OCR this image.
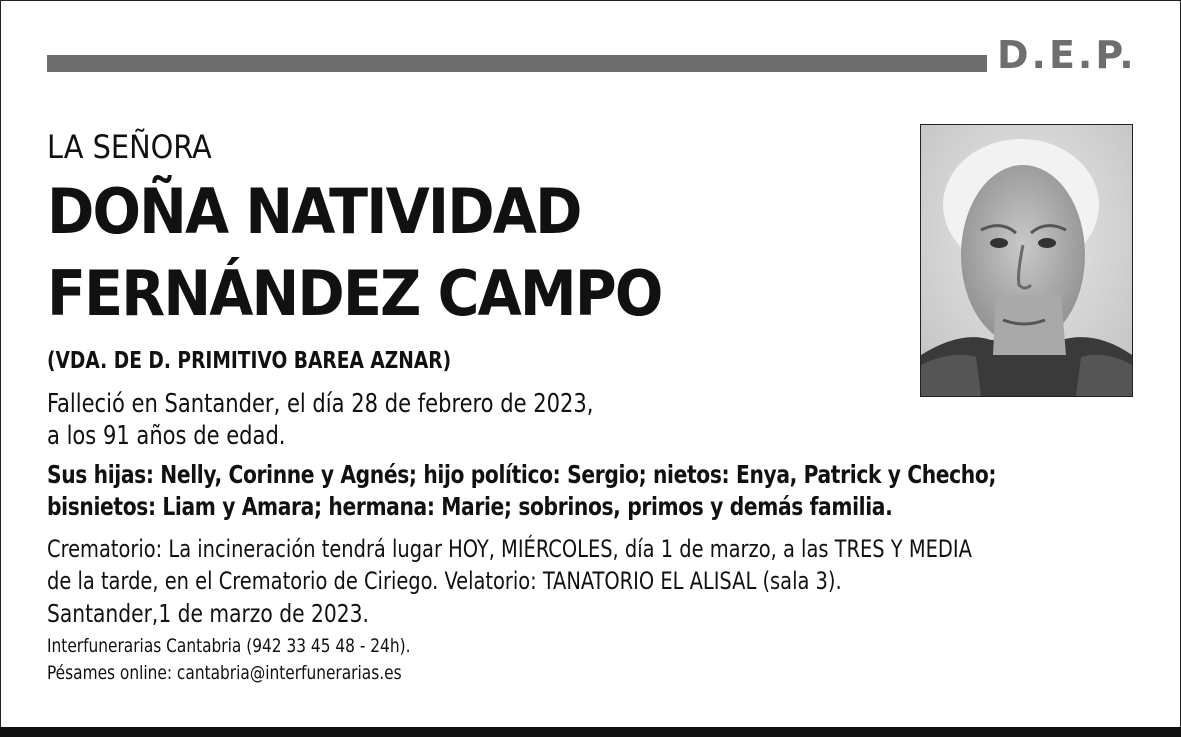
D.E.P.

LA SEÑORA

DOÑA NATIVIDAD

FERNÁNDEZ CAMPO

(VDA. DE D. PRIMITIVO BAREA AZNAR)

Falleció en Santander, el día 28 de febrero de 2023,

a los 91 años de edad.

Sus hijas: Nelly, Corinne y Agnés; hijo político: Sergio; nietos: Enya, Patrick y Checho;

bisnietos: Liam y Amara; hermana: Marie; sobrinos, primos y demás familia.

Crematorio: La incineración tendrá lugar HOY, MIÉRCOLES, día 1 de marzo, a las TRES Y MEDIA

de la tarde, en el Crematorio de Ciriego. Velatorio: TANATORIO EL ALISAL (sala 3).

Santander,1 de marzo de 2023.

Interfunerarias Cantabria (942 33 45 48 - 24h).

Pésames online: cantabria@interfunerarias.es
